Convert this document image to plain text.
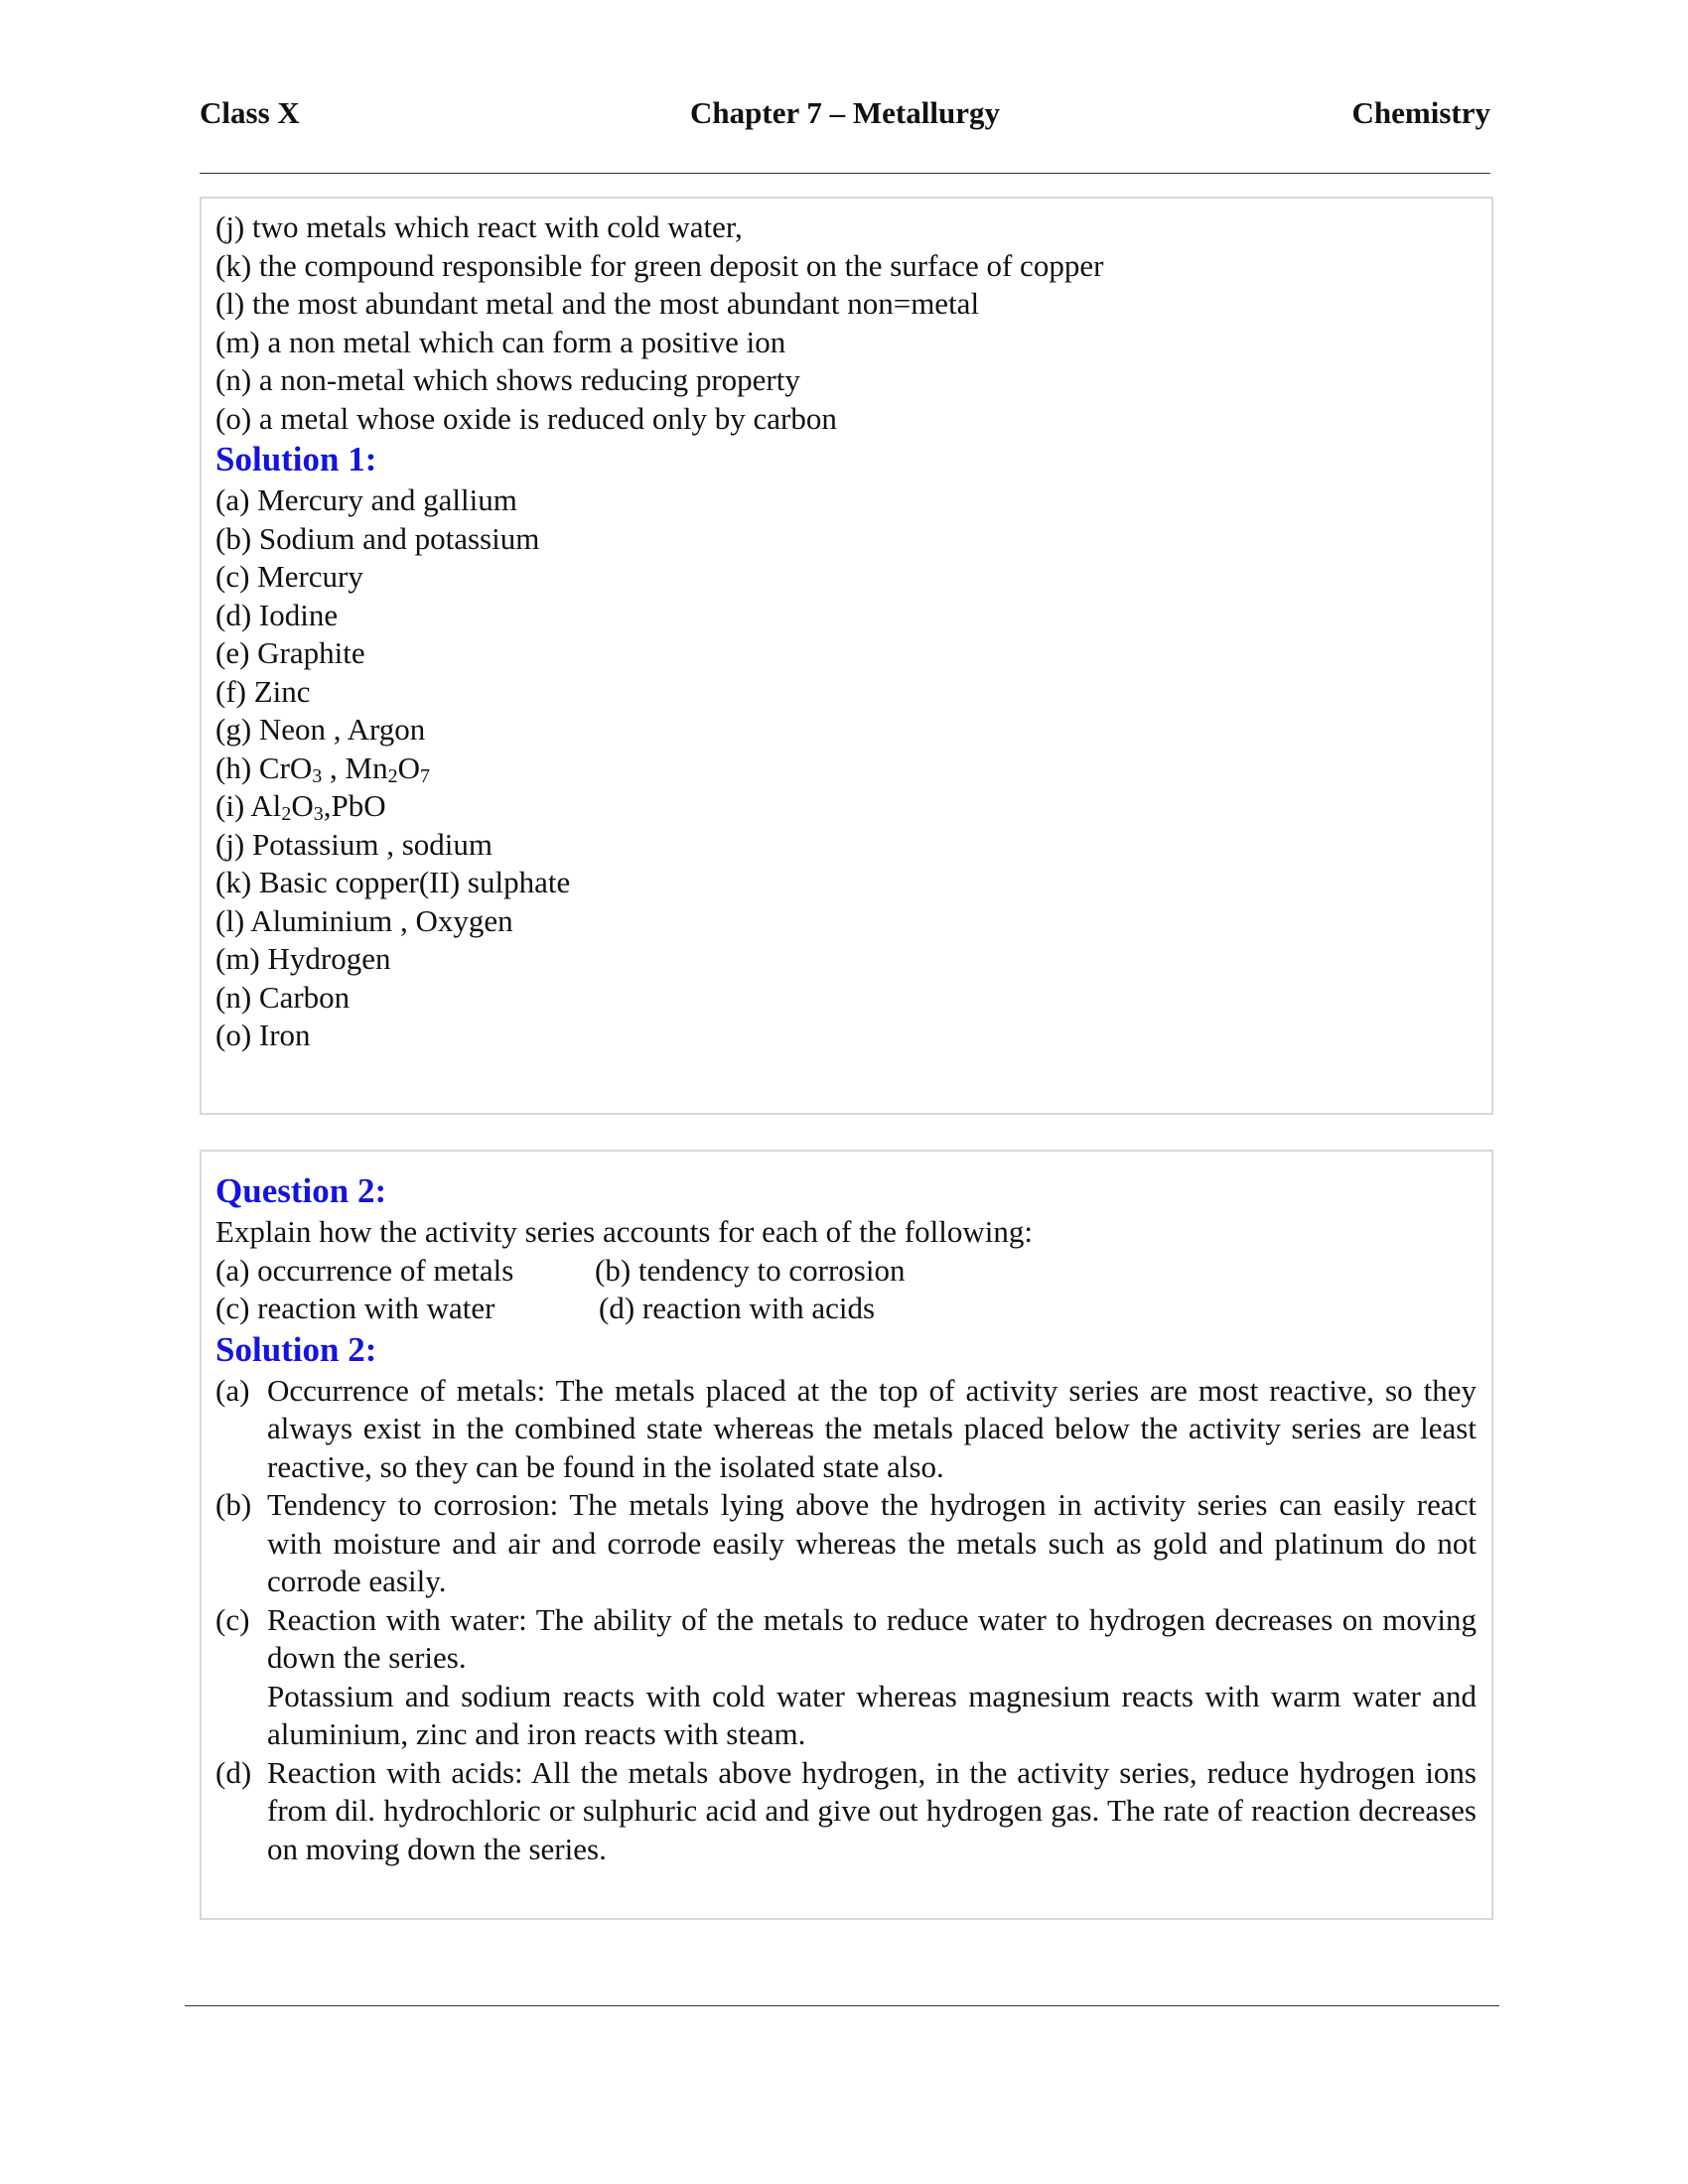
Class X	Chapter 7 – Metallurgy	Chemistry
(j) two metals which react with cold water,
(k) the compound responsible for green deposit on the surface of copper
(l) the most abundant metal and the most abundant non=metal
(m) a non metal which can form a positive ion
(n) a non-metal which shows reducing property
(o) a metal whose oxide is reduced only by carbon
Solution 1:
(a) Mercury and gallium
(b) Sodium and potassium
(c) Mercury
(d) Iodine
(e) Graphite
(f) Zinc
(g) Neon , Argon
(h) CrO$_3$ , $Mn_2O_7$
(i) $Al_2O_3,PbO$
(j) Potassium , sodium
(k) Basic copper(II) sulphate
(l) Aluminium , Oxygen
(m) Hydrogen
(n) Carbon
(o) Iron
Question 2:
Explain how the activity series accounts for each of the following:
(a) occurrence of metals	(b) tendency to corrosion
(c) reaction with water	(d) reaction with acids
Solution 2:
(a) Occurrence of metals: The metals placed at the top of activity series are most reactive, so they always exist in the combined state whereas the metals placed below the activity series are least reactive, so they can be found in the isolated state also.
(b) Tendency to corrosion: The metals lying above the hydrogen in activity series can easily react with moisture and air and corrode easily whereas the metals such as gold and platinum do not corrode easily.
(c) Reaction with water: The ability of the metals to reduce water to hydrogen decreases on moving down the series.
Potassium and sodium reacts with cold water whereas magnesium reacts with warm water and aluminium, zinc and iron reacts with steam.
(d) Reaction with acids: All the metals above hydrogen, in the activity series, reduce hydrogen ions from dil. hydrochloric or sulphuric acid and give out hydrogen gas. The rate of reaction decreases on moving down the series.
